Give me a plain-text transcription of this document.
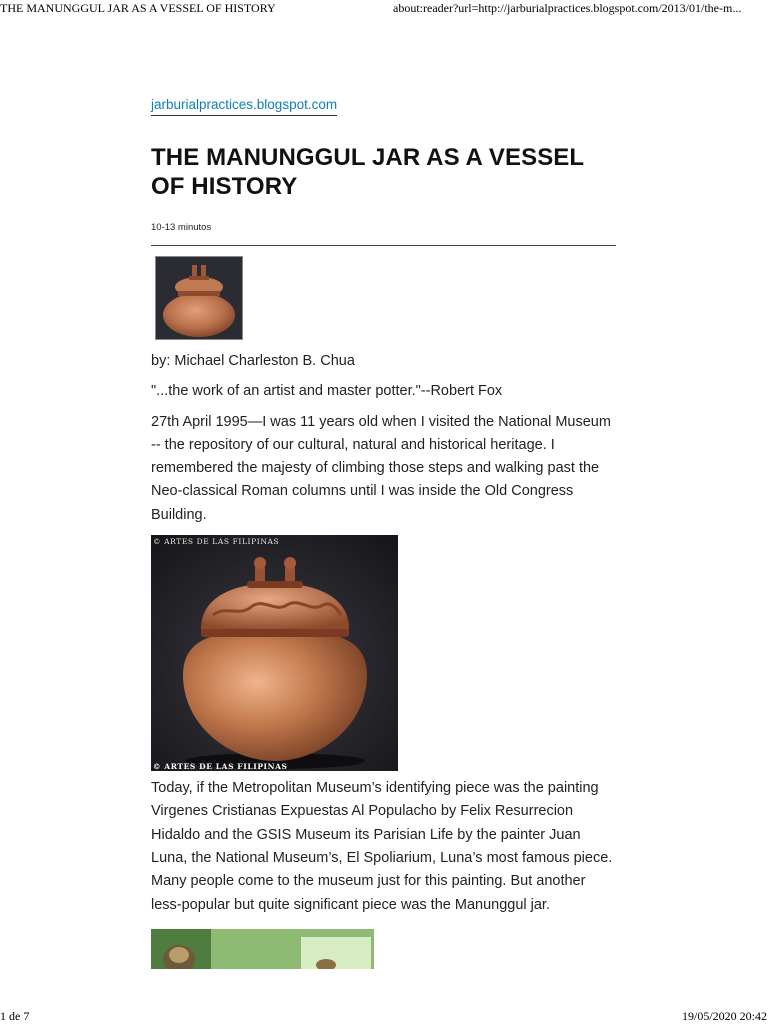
THE MANUNGGUL JAR AS A VESSEL OF HISTORY	about:reader?url=http://jarburialpractices.blogspot.com/2013/01/the-m...
jarburialpractices.blogspot.com
THE MANUNGGUL JAR AS A VESSEL OF HISTORY
10-13 minutos

by: Michael Charleston B. Chua

"...the work of an artist and master potter."--Robert Fox

27th April 1995—I was 11 years old when I visited the National Museum -- the repository of our cultural, natural and historical heritage. I remembered the majesty of climbing those steps and walking past the Neo-classical Roman columns until I was inside the Old Congress Building.

© ARTES DE LAS FILIPINAS
© ARTES DE LAS FILIPINAS

Today, if the Metropolitan Museum’s identifying piece was the painting Virgenes Cristianas Expuestas Al Populacho by Felix Resurrecion Hidaldo and the GSIS Museum its Parisian Life by the painter Juan Luna, the National Museum’s, El Spoliarium, Luna’s most famous piece. Many people come to the museum just for this painting. But another less-popular but quite significant piece was the Manunggul jar.

1 de 7	19/05/2020 20:42
